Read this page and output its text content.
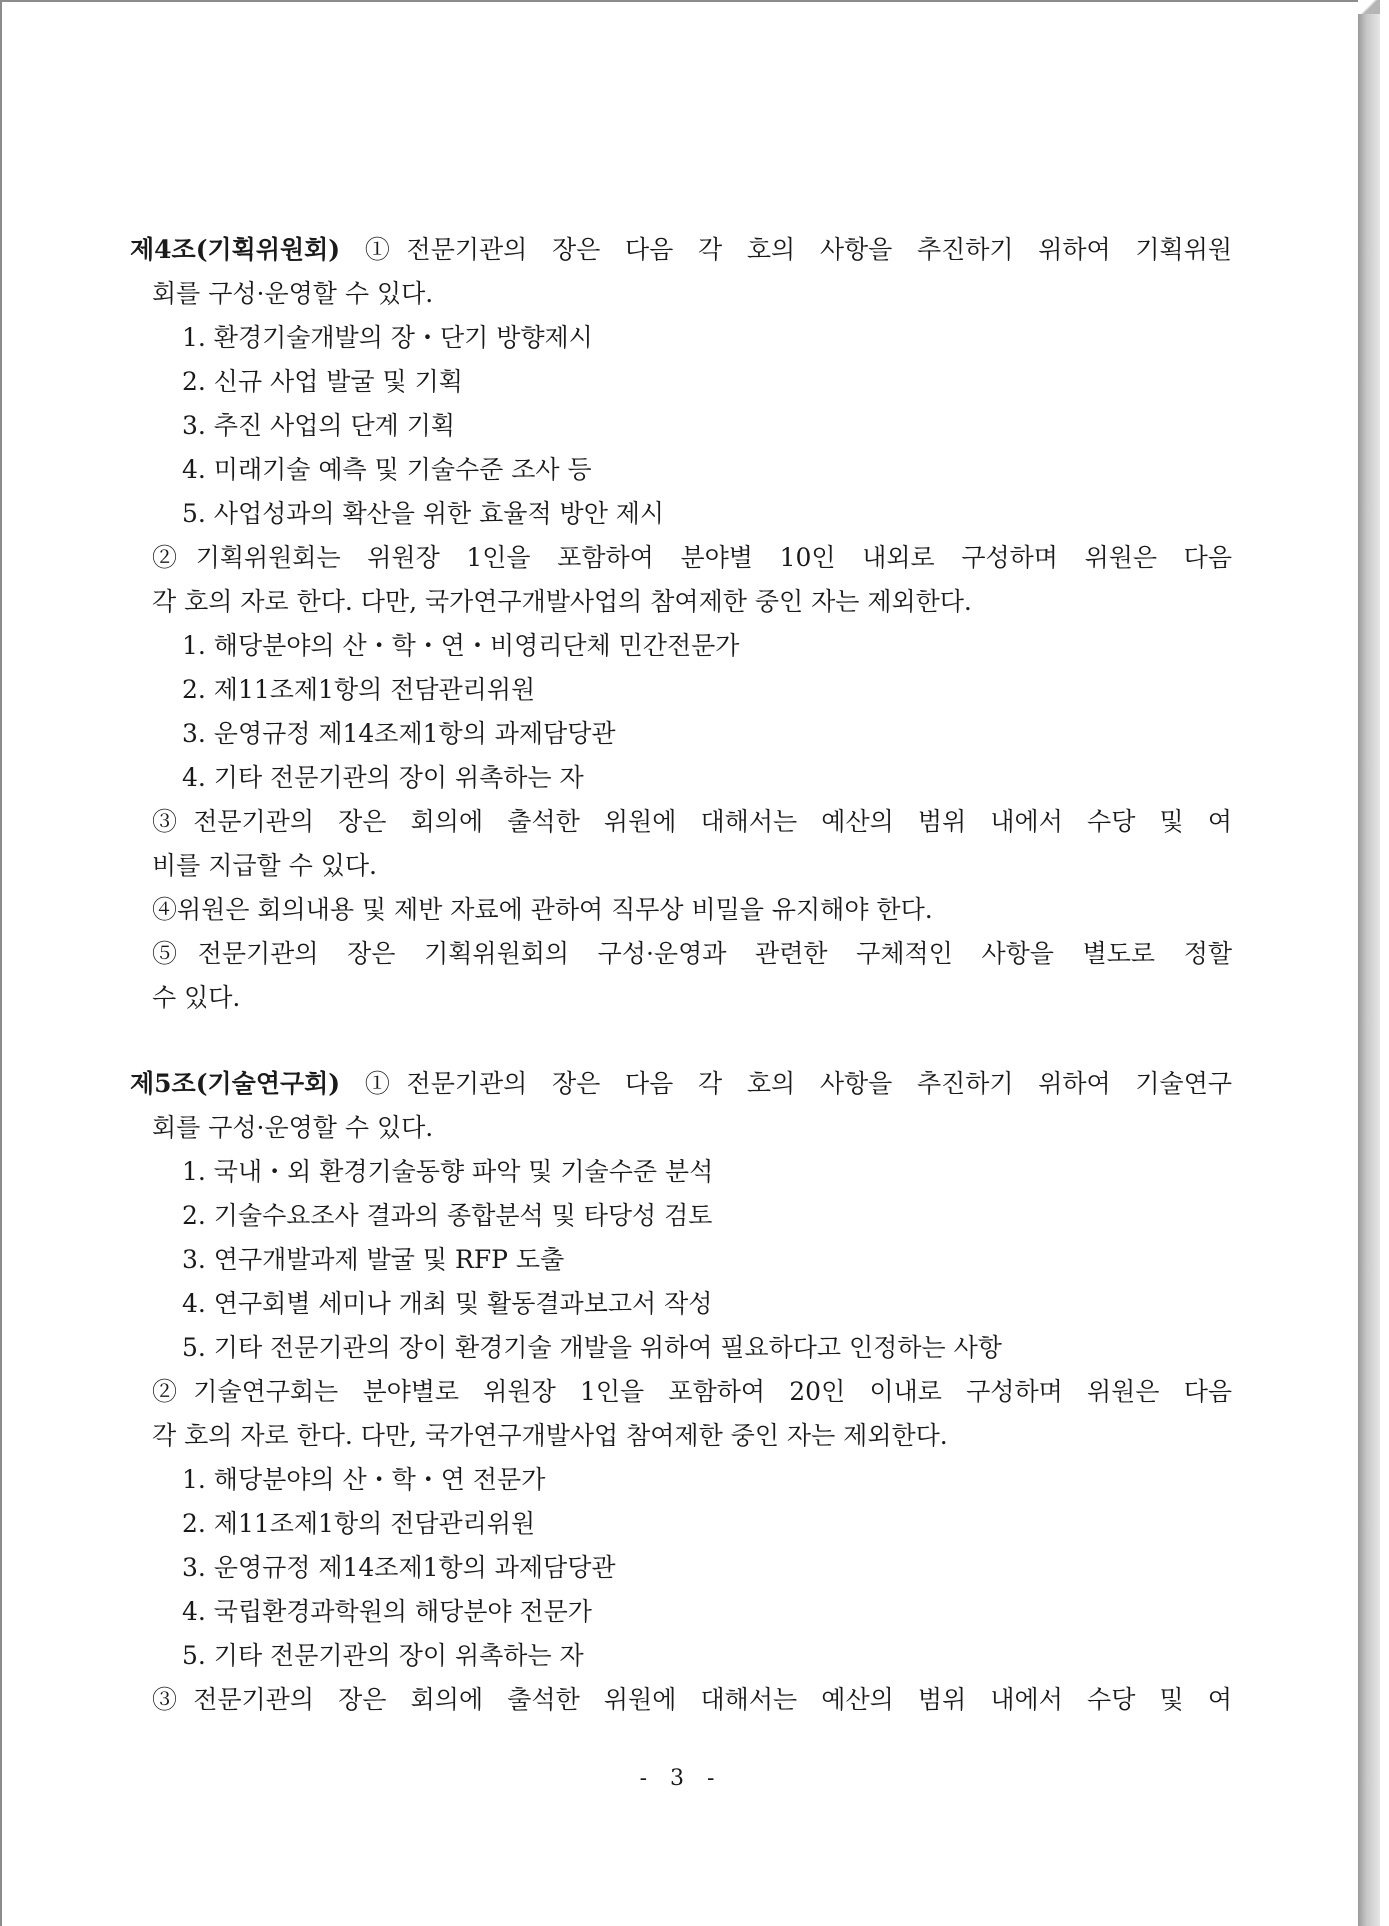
제4조(기획위원회) ①전문기관의 장은 다음 각 호의 사항을 추진하기 위하여 기획위원
회를 구성·운영할 수 있다.
1. 환경기술개발의 장・단기 방향제시
2. 신규 사업 발굴 및 기획
3. 추진 사업의 단계 기획
4. 미래기술 예측 및 기술수준 조사 등
5. 사업성과의 확산을 위한 효율적 방안 제시
②기획위원회는 위원장 1인을 포함하여 분야별 10인 내외로 구성하며 위원은 다음
각 호의 자로 한다. 다만, 국가연구개발사업의 참여제한 중인 자는 제외한다.
1. 해당분야의 산・학・연・비영리단체 민간전문가
2. 제11조제1항의 전담관리위원
3. 운영규정 제14조제1항의 과제담당관
4. 기타 전문기관의 장이 위촉하는 자
③전문기관의 장은 회의에 출석한 위원에 대해서는 예산의 범위 내에서 수당 및 여
비를 지급할 수 있다.
④위원은 회의내용 및 제반 자료에 관하여 직무상 비밀을 유지해야 한다.
⑤전문기관의 장은 기획위원회의 구성·운영과 관련한 구체적인 사항을 별도로 정할
수 있다.
제5조(기술연구회) ①전문기관의 장은 다음 각 호의 사항을 추진하기 위하여 기술연구
회를 구성·운영할 수 있다.
1. 국내・외 환경기술동향 파악 및 기술수준 분석
2. 기술수요조사 결과의 종합분석 및 타당성 검토
3. 연구개발과제 발굴 및 RFP 도출
4. 연구회별 세미나 개최 및 활동결과보고서 작성
5. 기타 전문기관의 장이 환경기술 개발을 위하여 필요하다고 인정하는 사항
②기술연구회는 분야별로 위원장 1인을 포함하여 20인 이내로 구성하며 위원은 다음
각 호의 자로 한다. 다만, 국가연구개발사업 참여제한 중인 자는 제외한다.
1. 해당분야의 산・학・연 전문가
2. 제11조제1항의 전담관리위원
3. 운영규정 제14조제1항의 과제담당관
4. 국립환경과학원의 해당분야 전문가
5. 기타 전문기관의 장이 위촉하는 자
③전문기관의 장은 회의에 출석한 위원에 대해서는 예산의 범위 내에서 수당 및 여
- 3 -
